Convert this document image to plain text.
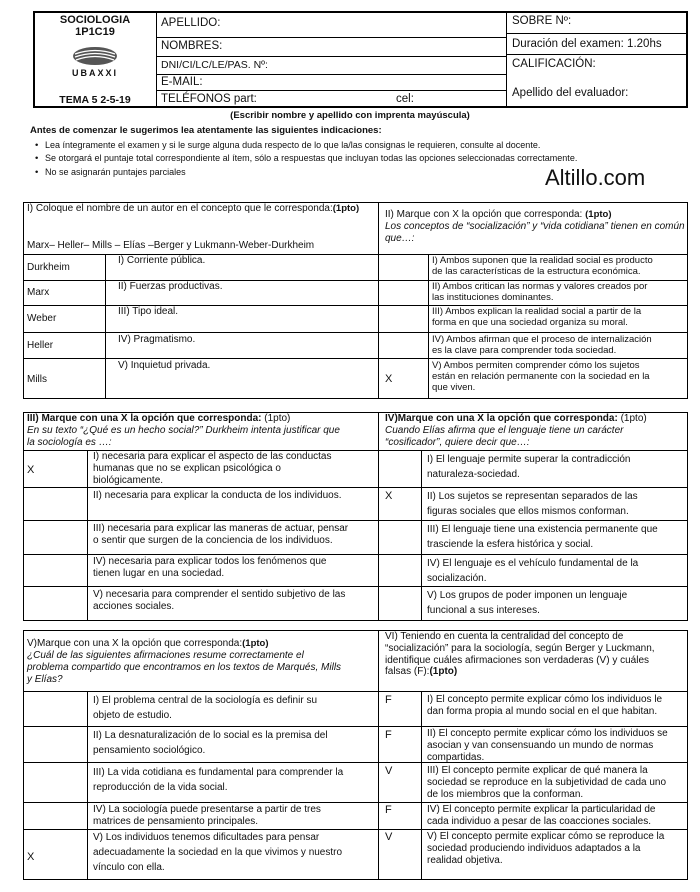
SOCIOLOGIA
1P1C19
UBAXXI
TEMA 5 2-5-19
APELLIDO:
NOMBRES:
DNI/CI/LC/LE/PAS. Nº:
E-MAIL:
TELÉFONOS part:	cel:
SOBRE Nº:
Duración del examen: 1.20hs
CALIFICACIÓN:
Apellido del evaluador:
(Escribir nombre y apellido con imprenta mayúscula)
Antes de comenzar le sugerimos lea atentamente las siguientes indicaciones:
• Lea íntegramente el examen y si le surge alguna duda respecto de lo que la/las consignas le requieren, consulte al docente.
• Se otorgará el puntaje total correspondiente al ítem, sólo a respuestas que incluyan todas las opciones seleccionadas correctamente.
• No se asignarán puntajes parciales	Altillo.com
I) Coloque el nombre de un autor en el concepto que le corresponda:(1pto)
Marx– Heller– Mills – Elías –Berger y Lukmann-Weber-Durkheim
Durkheim
I) Corriente pública.
Marx
II) Fuerzas productivas.
Weber
III) Tipo ideal.
Heller
IV) Pragmatismo.
Mills
V) Inquietud privada.
II) Marque con X la opción que corresponda: (1pto)
Los conceptos de “socialización” y “vida cotidiana” tienen en común que…:
I) Ambos suponen que la realidad social es producto
de las características de la estructura económica.
II) Ambos critican las normas y valores creados por
las instituciones dominantes.
III) Ambos explican la realidad social a partir de la
forma en que una sociedad organiza su moral.
IV) Ambos afirman que el proceso de internalización
es la clave para comprender toda sociedad.
X
V) Ambos permiten comprender cómo los sujetos
están en relación permanente con la sociedad en la
que viven.
III) Marque con una X la opción que corresponda: (1pto)
En su texto “¿Qué es un hecho social?” Durkheim intenta justificar que
la sociología es …:
X
I) necesaria para explicar el aspecto de las conductas
humanas que no se explican psicológica o
biológicamente.
II) necesaria para explicar la conducta de los individuos.
III) necesaria para explicar las maneras de actuar, pensar
o sentir que surgen de la conciencia de los individuos.
IV) necesaria para explicar todos los fenómenos que
tienen lugar en una sociedad.
V) necesaria para comprender el sentido subjetivo de las
acciones sociales.
IV)Marque con una X la opción que corresponda: (1pto)
Cuando Elías afirma que el lenguaje tiene un carácter
“cosificador”, quiere decir que…:
I) El lenguaje permite superar la contradicción
naturaleza-sociedad.
X	II) Los sujetos se representan separados de las
figuras sociales que ellos mismos conforman.
III) El lenguaje tiene una existencia permanente que
trasciende la esfera histórica y social.
IV) El lenguaje es el vehículo fundamental de la
socialización.
V) Los grupos de poder imponen un lenguaje
funcional a sus intereses.
V)Marque con una X la opción que corresponda:(1pto)
¿Cuál de las siguientes afirmaciones resume correctamente el
problema compartido que encontramos en los textos de Marqués, Mills
y Elías?
I) El problema central de la sociología es definir su
objeto de estudio.
II) La desnaturalización de lo social es la premisa del
pensamiento sociológico.
III) La vida cotidiana es fundamental para comprender la
reproducción de la vida social.
IV) La sociología puede presentarse a partir de tres
matrices de pensamiento principales.
X
V) Los individuos tenemos dificultades para pensar
adecuadamente la sociedad en la que vivimos y nuestro
vínculo con ella.
VI) Teniendo en cuenta la centralidad del concepto de
“socialización” para la sociología, según Berger y Luckmann,
identifique cuáles afirmaciones son verdaderas (V) y cuáles
falsas (F):(1pto)
F	I) El concepto permite explicar cómo los individuos le
dan forma propia al mundo social en el que habitan.
F	II) El concepto permite explicar cómo los individuos se
asocian y van consensuando un mundo de normas
compartidas.
V	III) El concepto permite explicar de qué manera la
sociedad se reproduce en la subjetividad de cada uno
de los miembros que la conforman.
F	IV) El concepto permite explicar la particularidad de
cada individuo a pesar de las coacciones sociales.
V	V) El concepto permite explicar cómo se reproduce la
sociedad produciendo individuos adaptados a la
realidad objetiva.
